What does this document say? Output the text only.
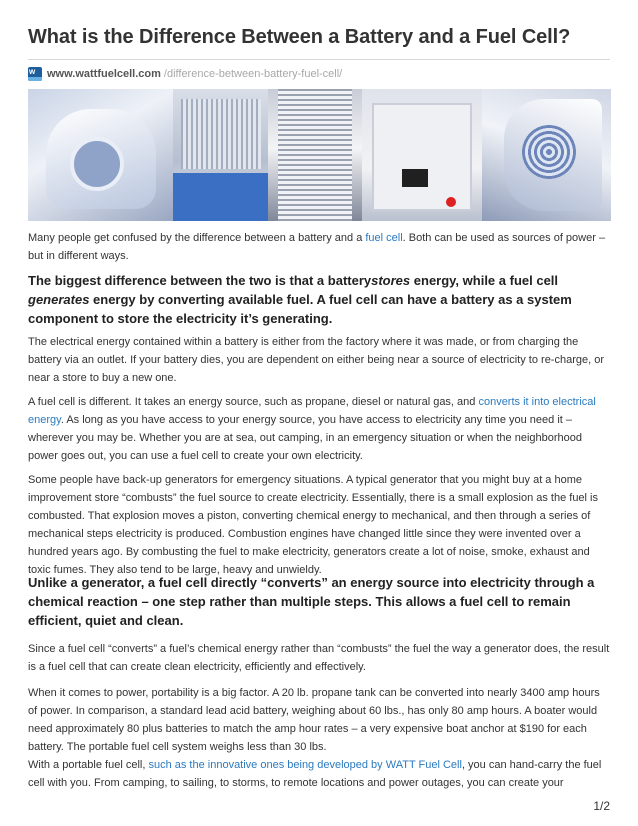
What is the Difference Between a Battery and a Fuel Cell?
w www.wattfuelcell.com /difference-between-battery-fuel-cell/

Many people get confused by the difference between a battery and a fuel cell. Both can be used as sources of power – but in different ways.

The biggest difference between the two is that a batterystores energy, while a fuel cell generates energy by converting available fuel. A fuel cell can have a battery as a system component to store the electricity it’s generating.

The electrical energy contained within a battery is either from the factory where it was made, or from charging the battery via an outlet. If your battery dies, you are dependent on either being near a source of electricity to re-charge, or near a store to buy a new one.

A fuel cell is different. It takes an energy source, such as propane, diesel or natural gas, and converts it into electrical energy. As long as you have access to your energy source, you have access to electricity any time you need it – wherever you may be. Whether you are at sea, out camping, in an emergency situation or when the neighborhood power goes out, you can use a fuel cell to create your own electricity.

Some people have back-up generators for emergency situations. A typical generator that you might buy at a home improvement store “combusts” the fuel source to create electricity. Essentially, there is a small explosion as the fuel is combusted. That explosion moves a piston, converting chemical energy to mechanical, and then through a series of mechanical steps electricity is produced. Combustion engines have changed little since they were invented over a hundred years ago. By combusting the fuel to make electricity, generators create a lot of noise, smoke, exhaust and toxic fumes. They also tend to be large, heavy and unwieldy.

Unlike a generator, a fuel cell directly “converts” an energy source into electricity through a chemical reaction – one step rather than multiple steps. This allows a fuel cell to remain efficient, quiet and clean.

Since a fuel cell “converts” a fuel’s chemical energy rather than “combusts” the fuel the way a generator does, the result is a fuel cell that can create clean electricity, efficiently and effectively.

When it comes to power, portability is a big factor. A 20 lb. propane tank can be converted into nearly 3400 amp hours of power. In comparison, a standard lead acid battery, weighing about 60 lbs., has only 80 amp hours. A boater would need approximately 80 plus batteries to match the amp hour rates – a very expensive boat anchor at $190 for each battery. The portable fuel cell system weighs less than 30 lbs.

With a portable fuel cell, such as the innovative ones being developed by WATT Fuel Cell, you can hand-carry the fuel cell with you. From camping, to sailing, to storms, to remote locations and power outages, you can create your

1/2
